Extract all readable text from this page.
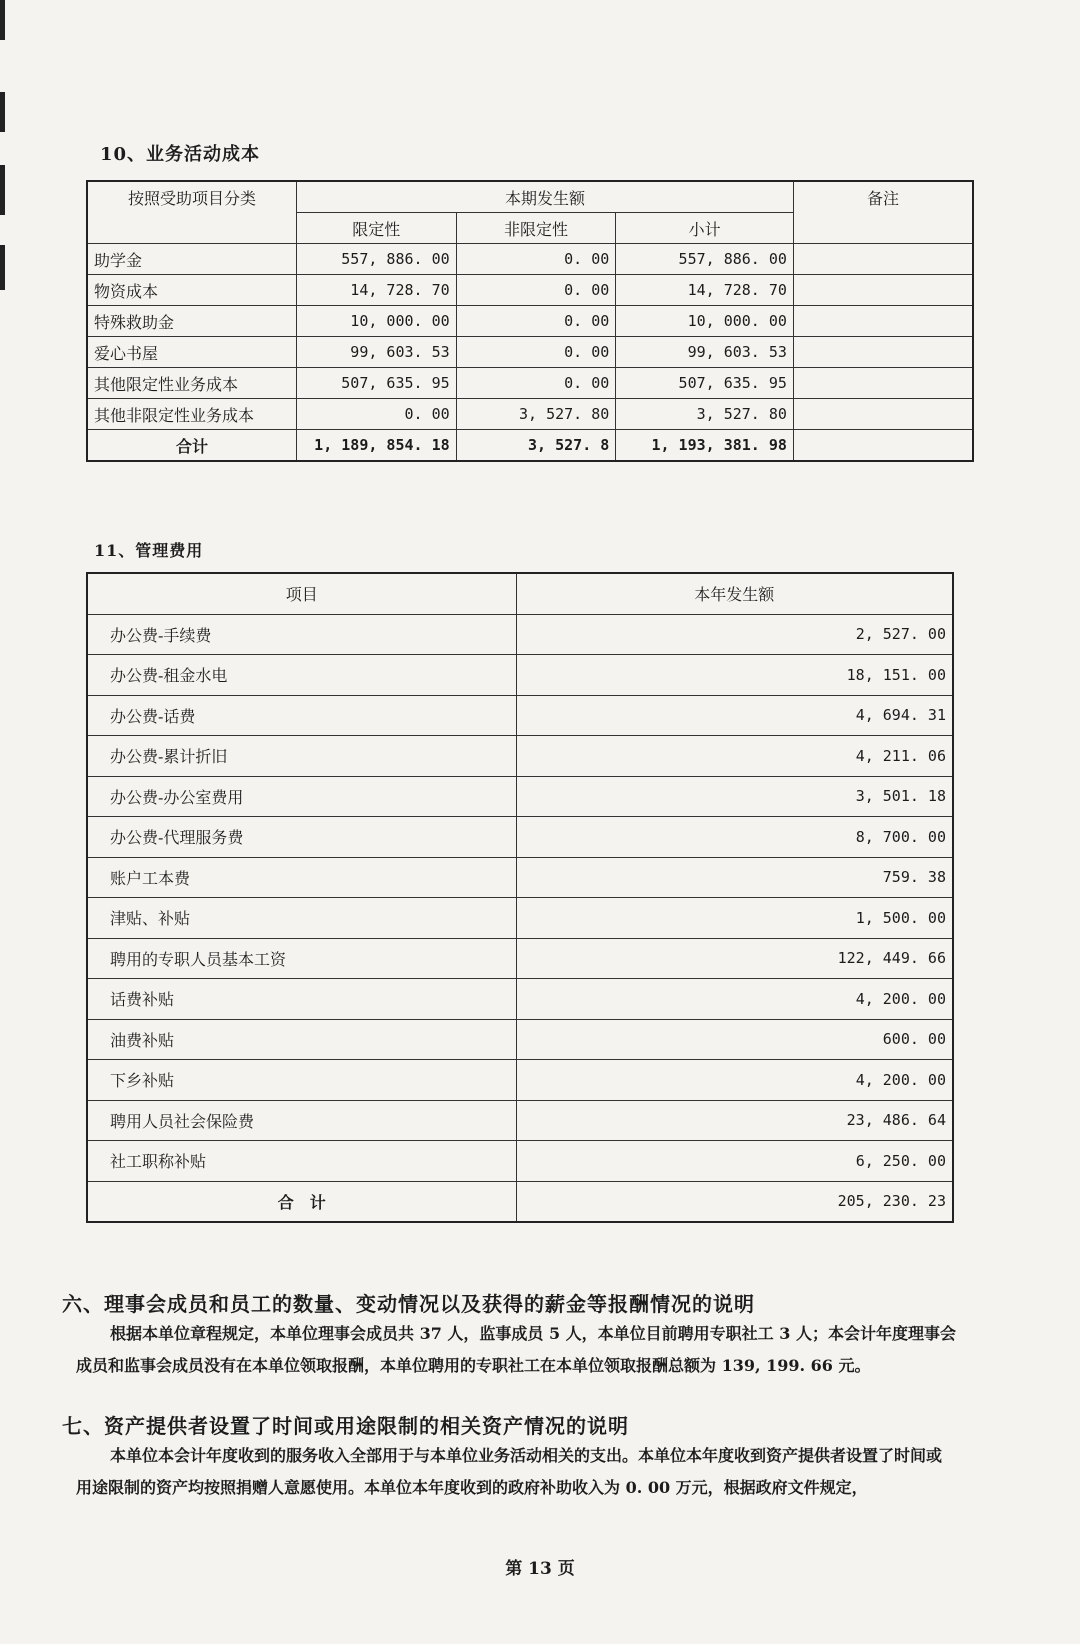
10、业务活动成本
按照受助项目分类	本期发生额			备注
	限定性	非限定性	小计	
助学金	557, 886. 00	0. 00	557, 886. 00	
物资成本	14, 728. 70	0. 00	14, 728. 70	
特殊救助金	10, 000. 00	0. 00	10, 000. 00	
爱心书屋	99, 603. 53	0. 00	99, 603. 53	
其他限定性业务成本	507, 635. 95	0. 00	507, 635. 95	
其他非限定性业务成本	0. 00	3, 527. 80	3, 527. 80	
合计	1, 189, 854. 18	3, 527. 8	1, 193, 381. 98	
11、管理费用
项目	本年发生额
办公费-手续费	2, 527. 00
办公费-租金水电	18, 151. 00
办公费-话费	4, 694. 31
办公费-累计折旧	4, 211. 06
办公费-办公室费用	3, 501. 18
办公费-代理服务费	8, 700. 00
账户工本费	759. 38
津贴、补贴	1, 500. 00
聘用的专职人员基本工资	122, 449. 66
话费补贴	4, 200. 00
油费补贴	600. 00
下乡补贴	4, 200. 00
聘用人员社会保险费	23, 486. 64
社工职称补贴	6, 250. 00
合　计	205, 230. 23
六、理事会成员和员工的数量、变动情况以及获得的薪金等报酬情况的说明
根据本单位章程规定，本单位理事会成员共 37 人，监事成员 5 人，本单位目前聘用专职社工 3 人；本会计年度理事会成员和监事会成员没有在本单位领取报酬，本单位聘用的专职社工在本单位领取报酬总额为 139, 199. 66 元。
七、资产提供者设置了时间或用途限制的相关资产情况的说明
本单位本会计年度收到的服务收入全部用于与本单位业务活动相关的支出。本单位本年度收到资产提供者设置了时间或用途限制的资产均按照捐赠人意愿使用。本单位本年度收到的政府补助收入为 0. 00 万元，根据政府文件规定，
第 13 页
